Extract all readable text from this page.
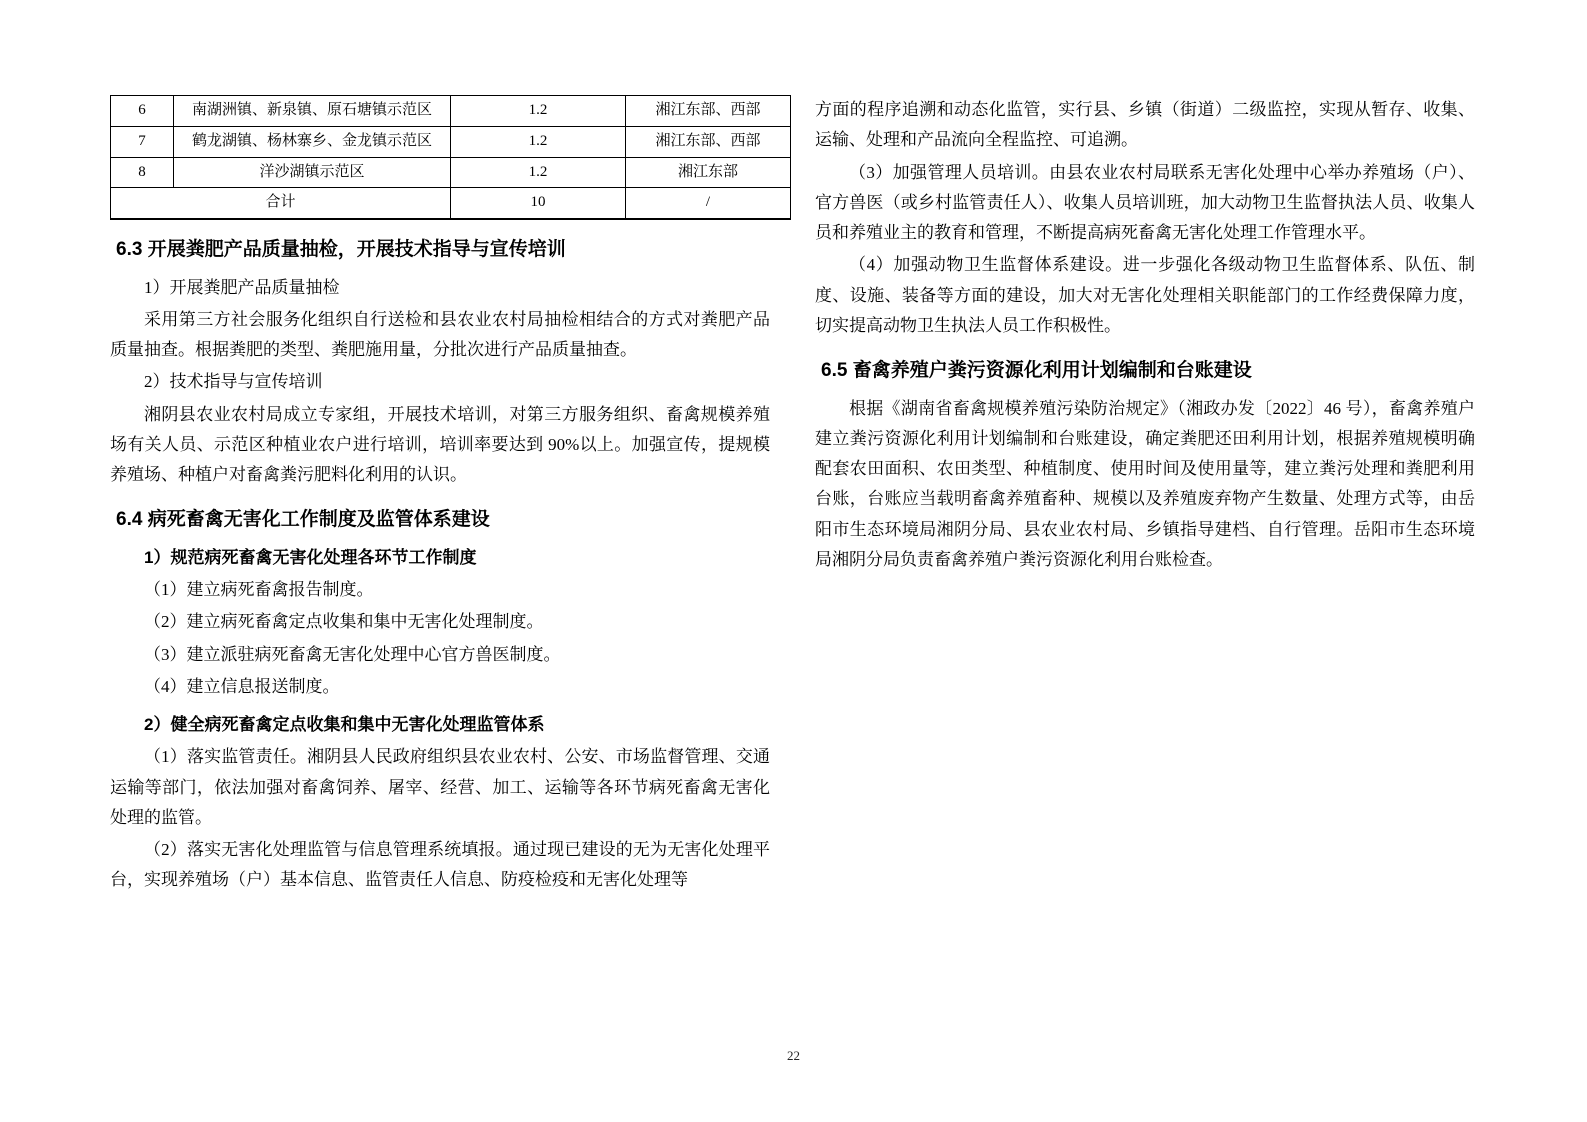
6	南湖洲镇、新泉镇、原石塘镇示范区	1.2	湘江东部、西部
7	鹤龙湖镇、杨林寨乡、金龙镇示范区	1.2	湘江东部、西部
8	洋沙湖镇示范区	1.2	湘江东部
合计		10	/
6.3 开展粪肥产品质量抽检，开展技术指导与宣传培训

1）开展粪肥产品质量抽检

采用第三方社会服务化组织自行送检和县农业农村局抽检相结合的方式对粪肥产品质量抽查。根据粪肥的类型、粪肥施用量，分批次进行产品质量抽查。

2）技术指导与宣传培训

湘阴县农业农村局成立专家组，开展技术培训，对第三方服务组织、畜禽规模养殖场有关人员、示范区种植业农户进行培训，培训率要达到 90%以上。加强宣传，提规模养殖场、种植户对畜禽粪污肥料化利用的认识。

6.4 病死畜禽无害化工作制度及监管体系建设

1）规范病死畜禽无害化处理各环节工作制度

（1）建立病死畜禽报告制度。

（2）建立病死畜禽定点收集和集中无害化处理制度。

（3）建立派驻病死畜禽无害化处理中心官方兽医制度。

（4）建立信息报送制度。

2）健全病死畜禽定点收集和集中无害化处理监管体系

（1）落实监管责任。湘阴县人民政府组织县农业农村、公安、市场监督管理、交通运输等部门，依法加强对畜禽饲养、屠宰、经营、加工、运输等各环节病死畜禽无害化处理的监管。

（2）落实无害化处理监管与信息管理系统填报。通过现已建设的无为无害化处理平台，实现养殖场（户）基本信息、监管责任人信息、防疫检疫和无害化处理等

方面的程序追溯和动态化监管，实行县、乡镇（街道）二级监控，实现从暂存、收集、运输、处理和产品流向全程监控、可追溯。

（3）加强管理人员培训。由县农业农村局联系无害化处理中心举办养殖场（户）、官方兽医（或乡村监管责任人）、收集人员培训班，加大动物卫生监督执法人员、收集人员和养殖业主的教育和管理，不断提高病死畜禽无害化处理工作管理水平。

（4）加强动物卫生监督体系建设。进一步强化各级动物卫生监督体系、队伍、制度、设施、装备等方面的建设，加大对无害化处理相关职能部门的工作经费保障力度，切实提高动物卫生执法人员工作积极性。

6.5 畜禽养殖户粪污资源化利用计划编制和台账建设

根据《湖南省畜禽规模养殖污染防治规定》（湘政办发〔2022〕46 号），畜禽养殖户建立粪污资源化利用计划编制和台账建设，确定粪肥还田利用计划，根据养殖规模明确配套农田面积、农田类型、种植制度、使用时间及使用量等，建立粪污处理和粪肥利用台账，台账应当载明畜禽养殖畜种、规模以及养殖废弃物产生数量、处理方式等，由岳阳市生态环境局湘阴分局、县农业农村局、乡镇指导建档、自行管理。岳阳市生态环境局湘阴分局负责畜禽养殖户粪污资源化利用台账检查。

22
